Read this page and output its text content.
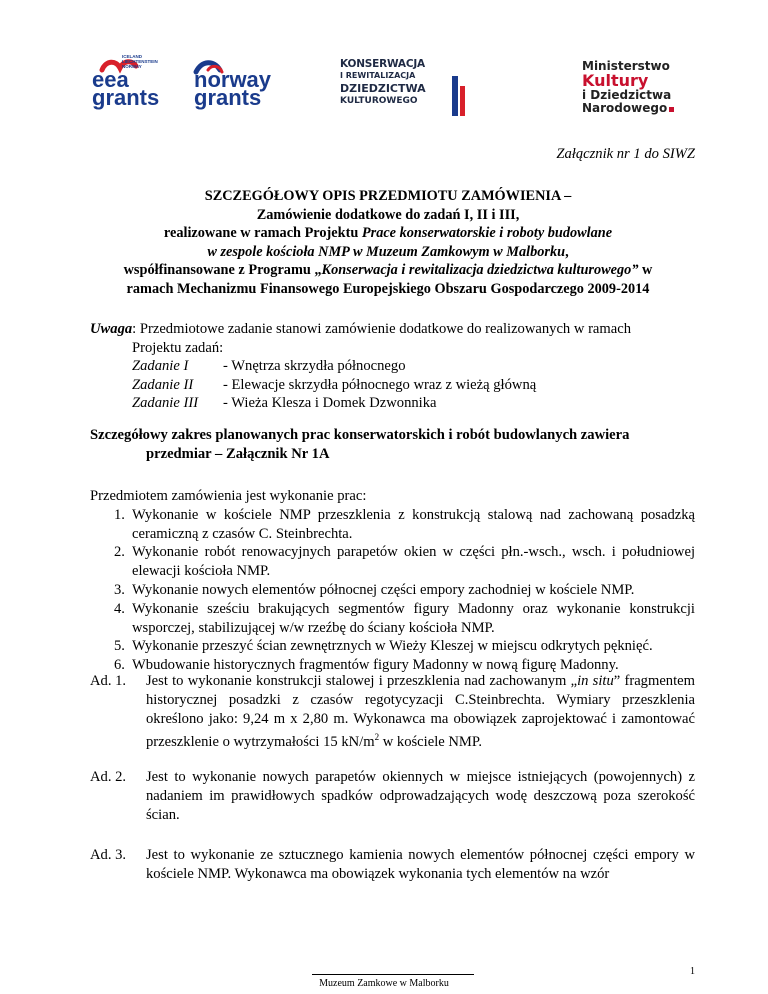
ICELAND LIECHTENSTEIN NORWAY
eea
grants
norway
grants
KONSERWACJA
I REWITALIZACJA
DZIEDZICTWA
KULTUROWEGO
Ministerstwo
Kultury
i Dziedzictwa
Narodowego
Załącznik nr 1 do SIWZ
SZCZEGÓŁOWY OPIS PRZEDMIOTU ZAMÓWIENIA –
Zamówienie dodatkowe do zadań I, II i III,
realizowane w ramach Projektu Prace konserwatorskie i roboty budowlane
w zespole kościoła NMP w Muzeum Zamkowym w Malborku,
współfinansowane z Programu „Konserwacja i rewitalizacja dziedzictwa kulturowego” w
ramach Mechanizmu Finansowego Europejskiego Obszaru Gospodarczego 2009-2014
Uwaga: Przedmiotowe zadanie stanowi zamówienie dodatkowe do realizowanych w ramach
Projektu zadań:
Zadanie I	- Wnętrza skrzydła północnego
Zadanie II	- Elewacje skrzydła północnego wraz z wieżą główną
Zadanie III	- Wieża Klesza i Domek Dzwonnika
Szczegółowy zakres planowanych prac konserwatorskich i robót budowlanych zawiera
przedmiar – Załącznik Nr 1A
Przedmiotem zamówienia jest wykonanie prac:
1. Wykonanie w kościele NMP przeszklenia z konstrukcją stalową nad zachowaną posadzką ceramiczną z czasów C. Steinbrechta.
2. Wykonanie robót renowacyjnych parapetów okien w części płn.-wsch., wsch. i południowej elewacji kościoła NMP.
3. Wykonanie nowych elementów północnej części empory zachodniej w kościele NMP.
4. Wykonanie sześciu brakujących segmentów figury Madonny oraz wykonanie konstrukcji wsporczej, stabilizującej w/w rzeźbę do ściany kościoła NMP.
5. Wykonanie przeszyć ścian zewnętrznych w Wieży Kleszej w miejscu odkrytych pęknięć.
6. Wbudowanie historycznych fragmentów figury Madonny w nową figurę Madonny.
Ad. 1.	Jest to wykonanie konstrukcji stalowej i przeszklenia nad zachowanym „in situ” fragmentem historycznej posadzki z czasów regotycyzacji C.Steinbrechta. Wymiary przeszklenia określono jako: 9,24 m x 2,80 m. Wykonawca ma obowiązek zaprojektować i zamontować przeszklenie o wytrzymałości 15 $kN/m^2$ w kościele NMP.
Ad. 2.	Jest to wykonanie nowych parapetów okiennych w miejsce istniejących (powojennych) z nadaniem im prawidłowych spadków odprowadzających wodę deszczową poza szerokość ścian.
Ad. 3.	Jest to wykonanie ze sztucznego kamienia nowych elementów północnej części empory w kościele NMP. Wykonawca ma obowiązek wykonania tych elementów na wzór
1
Muzeum Zamkowe w Malborku
